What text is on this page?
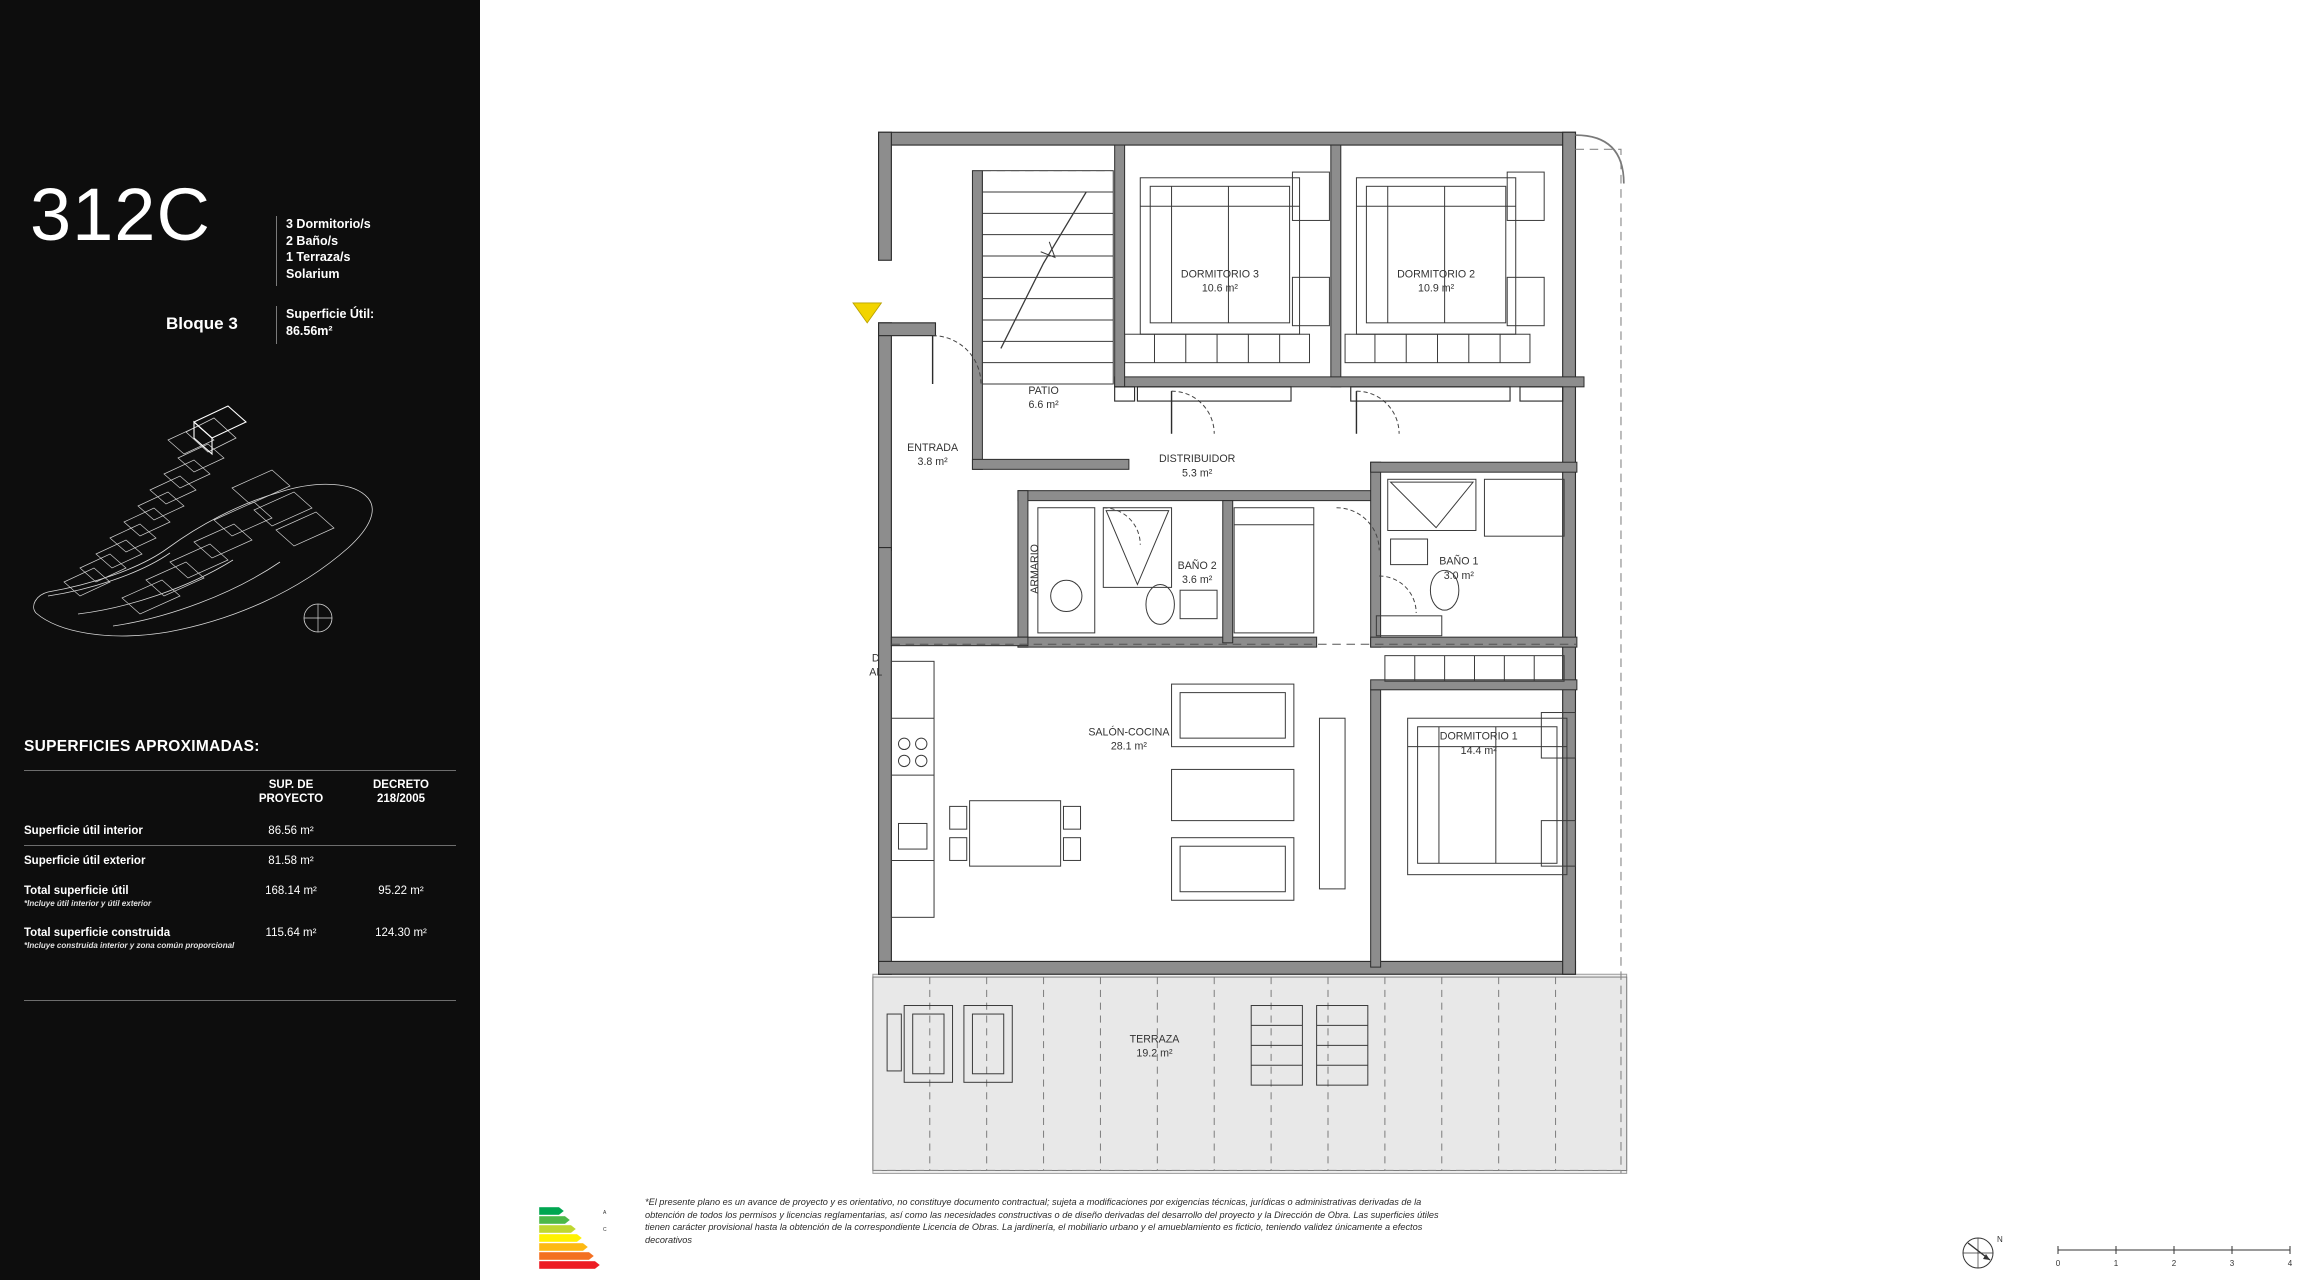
312C
Bloque 3
3 Dormitorio/s
2 Baño/s
1 Terraza/s
Solarium
Superficie Útil:
86.56m²
SUPERFICIES APROXIMADAS:

SUP. DE
PROYECTO

DECRETO
218/2005

Superficie útil interior	86.56 m²	
Superficie útil exterior	81.58 m²	
Total superficie útil
*Incluye útil interior y útil exterior	168.14 m²	95.22 m²
Total superficie construida
*Incluye construida interior y zona común proporcional	115.64 m²	124.30 m²
DORMITORIO 3
10.6 m²
DORMITORIO 2
10.9 m²
PATIO
6.6 m²
ENTRADA
3.8 m²	DISTRIBUIDOR
5.3 m²
BAÑO 2
3.6 m²
BAÑO 1
3.0 m²
SALÓN-COCINA
28.1 m²
DORMITORIO 1
14.4 m²
TERRAZA
19.2 m²
ARMARIO
D
AL
*El presente plano es un avance de proyecto y es orientativo, no constituye documento contractual; sujeta a modificaciones por exigencias técnicas, jurídicas o administrativas derivadas de la obtención de todos los permisos y licencias reglamentarias, así como las necesidades constructivas o de diseño derivadas del desarrollo del proyecto y la Dirección de Obra. Las superficies útiles tienen carácter provisional hasta la obtención de la correspondiente Licencia de Obras. La jardinería, el mobiliario urbano y el amueblamiento es ficticio, teniendo validez únicamente a efectos decorativos
A
C
N
0	1	2	3	4
